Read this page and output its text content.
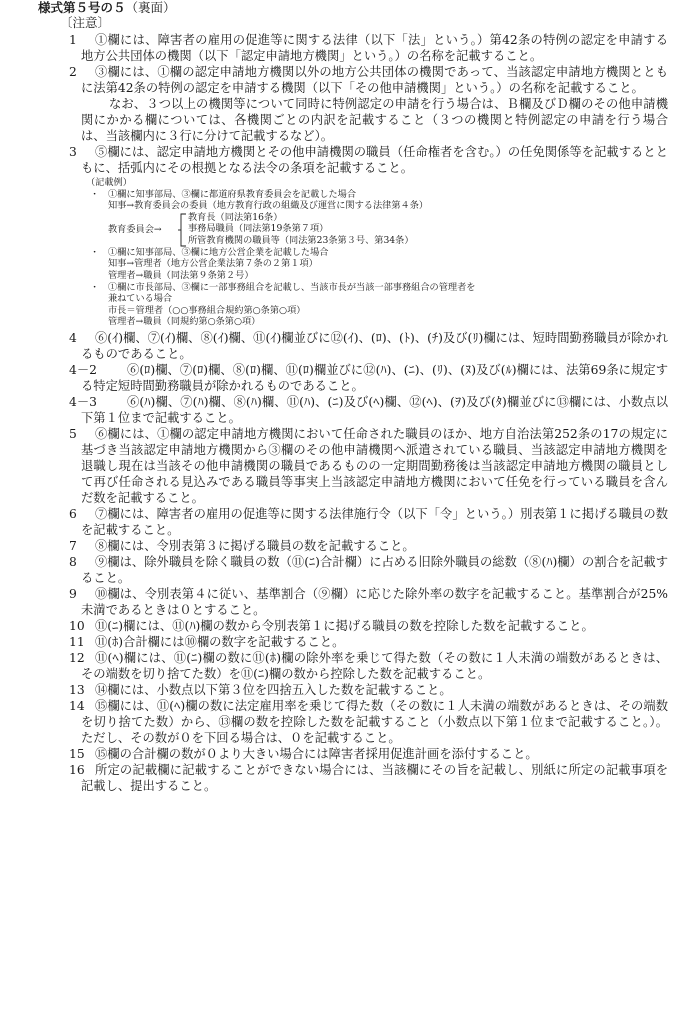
様式第５号の５（裏面）
〔注意〕
1	①欄には、障害者の雇用の促進等に関する法律（以下「法」という。）第42条の特例の認定を申請する地方公共団体の機関（以下「認定申請地方機関」という。）の名称を記載すること。
2	③欄には、①欄の認定申請地方機関以外の地方公共団体の機関であって、当該認定申請地方機関とともに法第42条の特例の認定を申請する機関（以下「その他申請機関」という。）の名称を記載すること。
なお、３つ以上の機関等について同時に特例認定の申請を行う場合は、Ｂ欄及びＤ欄のその他申請機関にかかる欄については、各機関ごとの内訳を記載すること（３つの機関と特例認定の申請を行う場合は、当該欄内に３行に分けて記載するなど）。
3	⑤欄には、認定申請地方機関とその他申請機関の職員（任命権者を含む。）の任免関係等を記載するとともに、括弧内にその根拠となる法令の条項を記載すること。
（記載例）
・ ①欄に知事部局、③欄に都道府県教育委員会を記載した場合
知事→教育委員会の委員（地方教育行政の組織及び運営に関する法律第４条）
教育委員会→
教育長（同法第16条）
事務局職員（同法第19条第７項）
所管教育機関の職員等（同法第23条第３号、第34条）
・ ①欄に知事部局、③欄に地方公営企業を記載した場合
知事→管理者（地方公営企業法第７条の２第１項）
管理者→職員（同法第９条第２号）
・ ①欄に市長部局、③欄に一部事務組合を記載し、当該市長が当該一部事務組合の管理者を
兼ねている場合
市長＝管理者（○○事務組合規約第○条第○項）
管理者→職員（同規約第○条第○項）
4	⑥(ｲ)欄、⑦(ｲ)欄、⑧(ｲ)欄、⑪(ｲ)欄並びに⑫(ｲ)、(ﾛ)、(ﾄ)、(ﾁ)及び(ﾘ)欄には、短時間勤務職員が除かれるものであること。
4－2	⑥(ﾛ)欄、⑦(ﾛ)欄、⑧(ﾛ)欄、⑪(ﾛ)欄並びに⑫(ﾊ)、(ﾆ)、(ﾘ)、(ﾇ)及び(ﾙ)欄には、法第69条に規定する特定短時間勤務職員が除かれるものであること。
4－3	⑥(ﾊ)欄、⑦(ﾊ)欄、⑧(ﾊ)欄、⑪(ﾊ)、(ﾆ)及び(ﾍ)欄、⑫(ﾍ)、(ｦ)及び(ﾀ)欄並びに⑬欄には、小数点以下第１位まで記載すること。
5	⑥欄には、①欄の認定申請地方機関において任命された職員のほか、地方自治法第252条の17の規定に基づき当該認定申請地方機関から③欄のその他申請機関へ派遣されている職員、当該認定申請地方機関を退職し現在は当該その他申請機関の職員であるものの一定期間勤務後は当該認定申請地方機関の職員として再び任命される見込みである職員等事実上当該認定申請地方機関において任免を行っている職員を含んだ数を記載すること。
6	⑦欄には、障害者の雇用の促進等に関する法律施行令（以下「令」という。）別表第１に掲げる職員の数を記載すること。
7	⑧欄には、令別表第３に掲げる職員の数を記載すること。
8	⑨欄は、除外職員を除く職員の数（⑪(ﾆ)合計欄）に占める旧除外職員の総数（⑧(ﾊ)欄）の割合を記載すること。
9	⑩欄は、令別表第４に従い、基準割合（⑨欄）に応じた除外率の数字を記載すること。基準割合が25%未満であるときは０とすること。
10 ⑪(ﾆ)欄には、⑪(ﾊ)欄の数から令別表第１に掲げる職員の数を控除した数を記載すること。
11 ⑪(ﾎ)合計欄には⑩欄の数字を記載すること。
12 ⑪(ﾍ)欄には、⑪(ﾆ)欄の数に⑪(ﾎ)欄の除外率を乗じて得た数（その数に１人未満の端数があるときは、その端数を切り捨てた数）を⑪(ﾆ)欄の数から控除した数を記載すること。
13 ⑭欄には、小数点以下第３位を四捨五入した数を記載すること。
14 ⑮欄には、⑪(ﾍ)欄の数に法定雇用率を乗じて得た数（その数に１人未満の端数があるときは、その端数を切り捨てた数）から、⑬欄の数を控除した数を記載すること（小数点以下第１位まで記載すること。）。ただし、その数が０を下回る場合は、０を記載すること。
15 ⑮欄の合計欄の数が０より大きい場合には障害者採用促進計画を添付すること。
16 所定の記載欄に記載することができない場合には、当該欄にその旨を記載し、別紙に所定の記載事項を記載し、提出すること。
